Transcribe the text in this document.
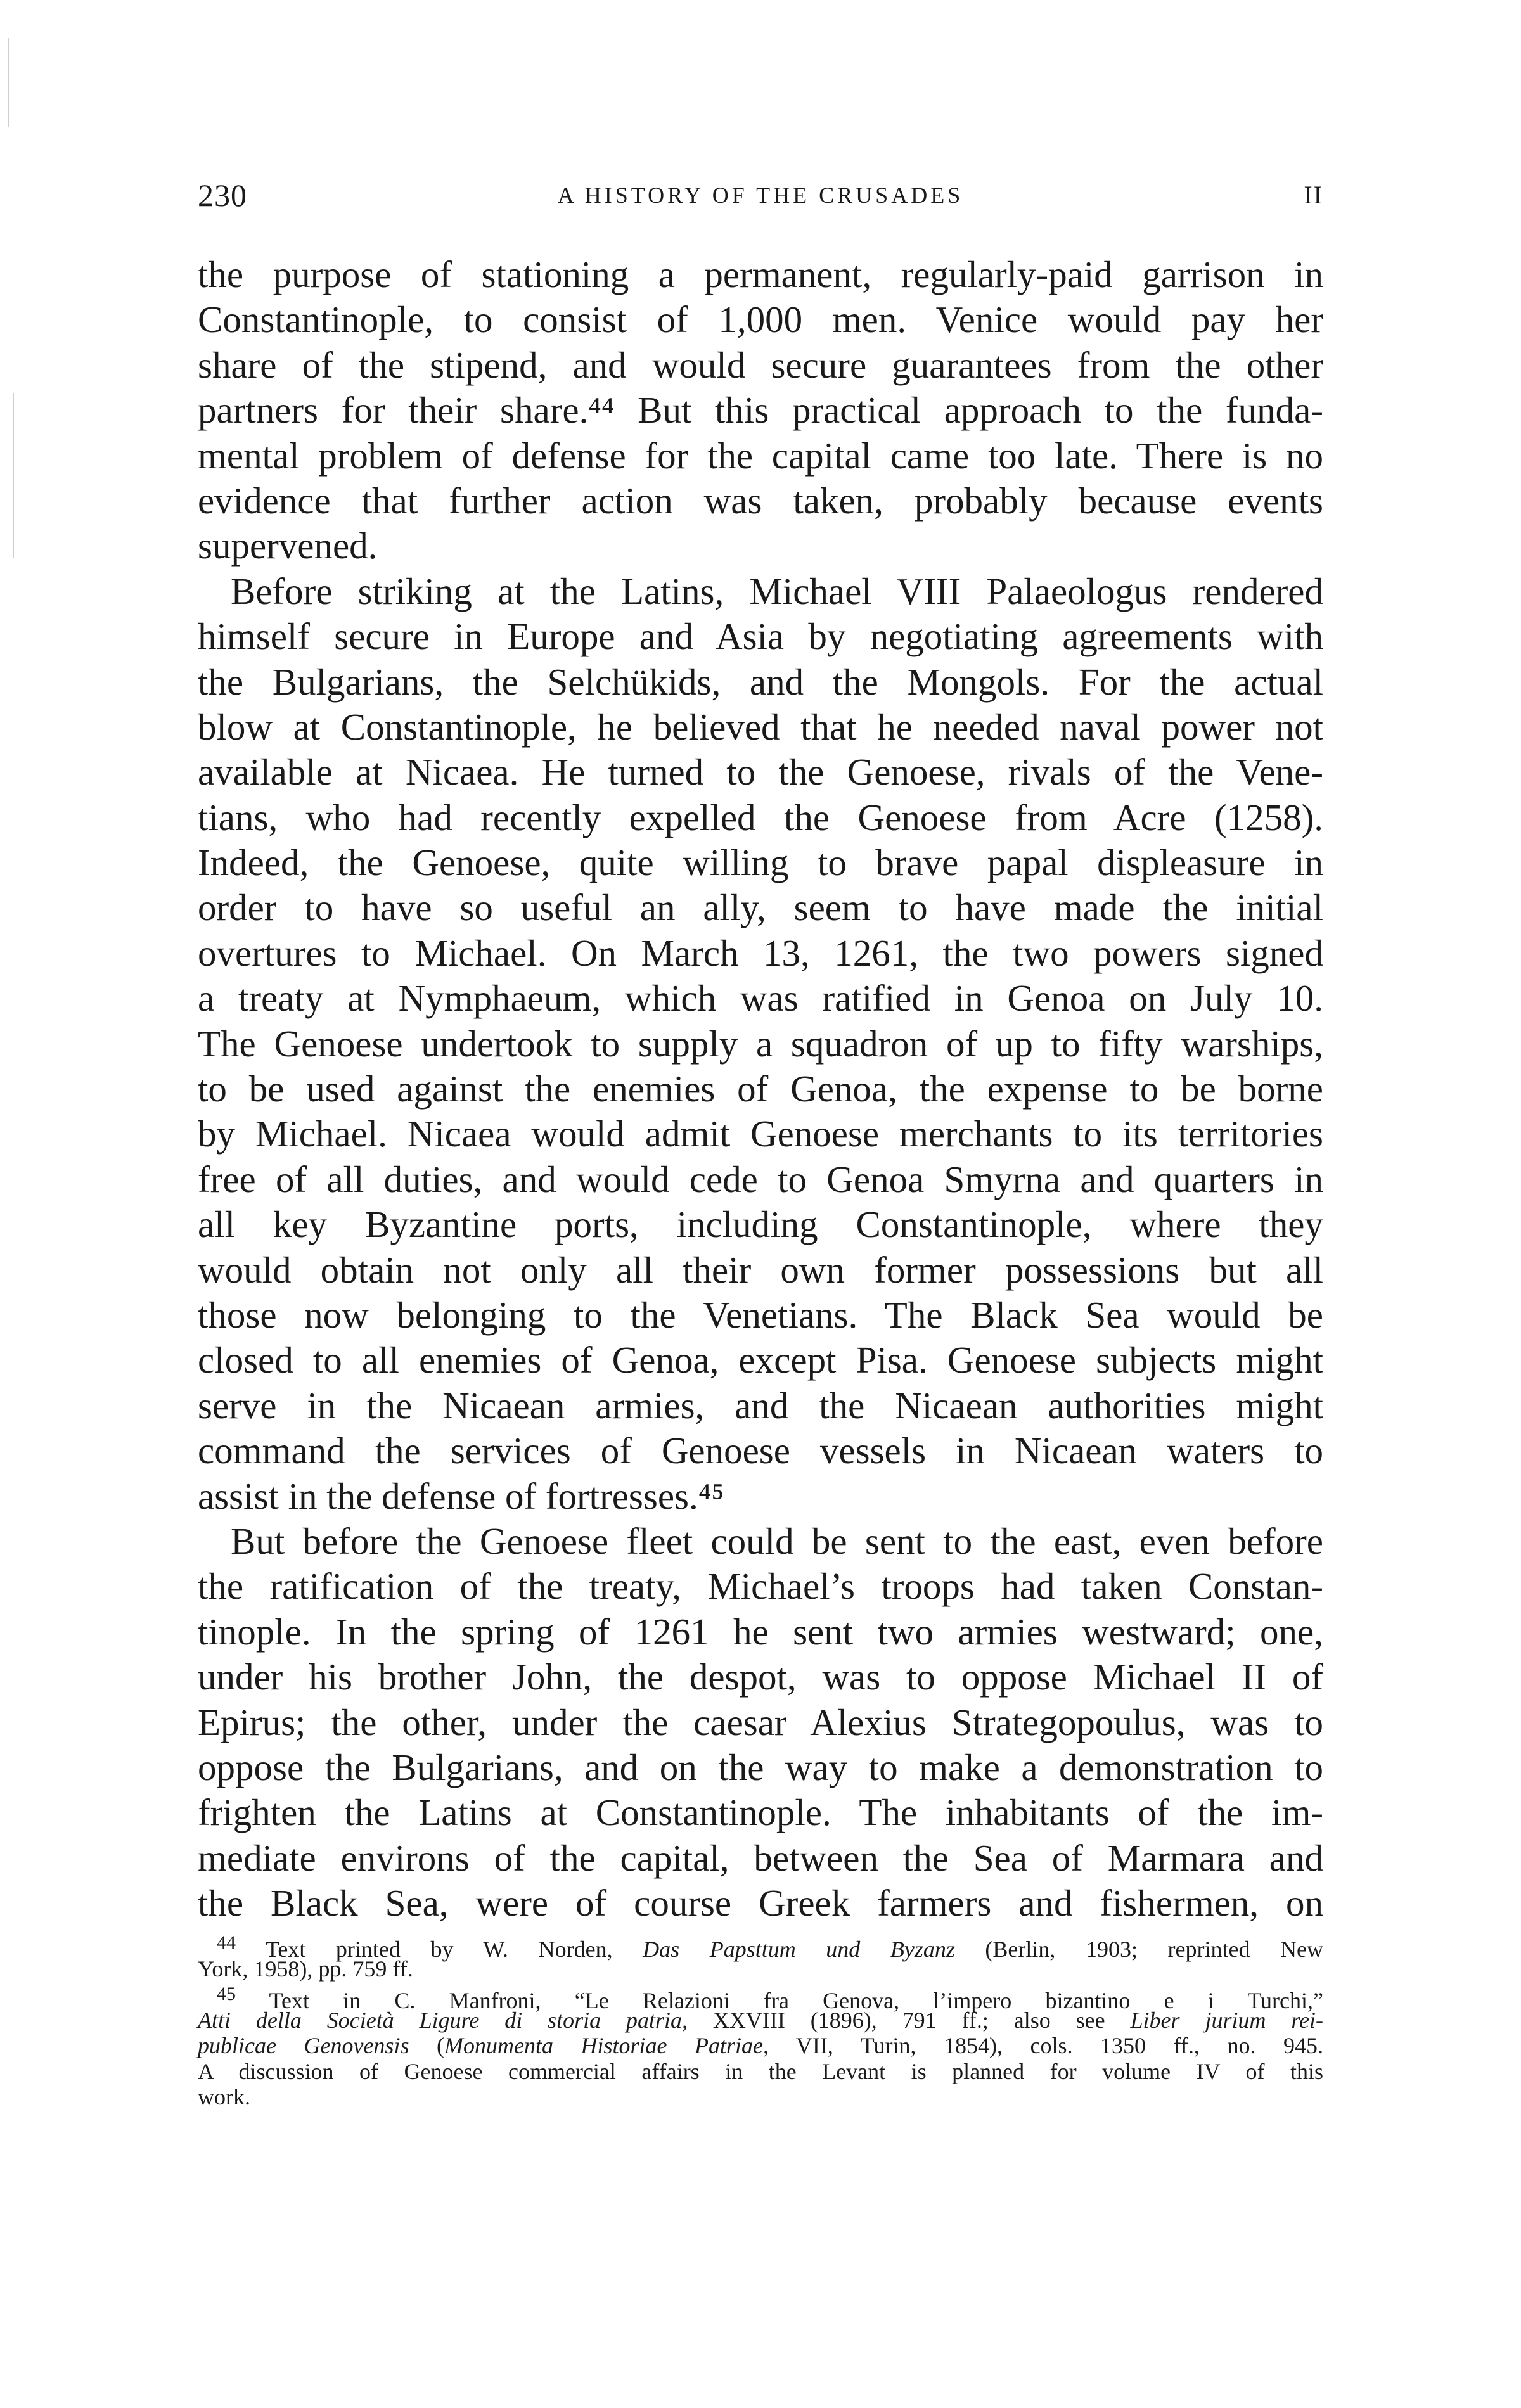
230	A HISTORY OF THE CRUSADES	II
the purpose of stationing a permanent, regularly-paid garrison in
Constantinople, to consist of 1,000 men. Venice would pay her
share of the stipend, and would secure guarantees from the other
partners for their share.⁴⁴ But this practical approach to the funda-
mental problem of defense for the capital came too late. There is no
evidence that further action was taken, probably because events
supervened.
Before striking at the Latins, Michael VIII Palaeologus rendered
himself secure in Europe and Asia by negotiating agreements with
the Bulgarians, the Selchükids, and the Mongols. For the actual
blow at Constantinople, he believed that he needed naval power not
available at Nicaea. He turned to the Genoese, rivals of the Vene-
tians, who had recently expelled the Genoese from Acre (1258).
Indeed, the Genoese, quite willing to brave papal displeasure in
order to have so useful an ally, seem to have made the initial
overtures to Michael. On March 13, 1261, the two powers signed
a treaty at Nymphaeum, which was ratified in Genoa on July 10.
The Genoese undertook to supply a squadron of up to fifty warships,
to be used against the enemies of Genoa, the expense to be borne
by Michael. Nicaea would admit Genoese merchants to its territories
free of all duties, and would cede to Genoa Smyrna and quarters in
all key Byzantine ports, including Constantinople, where they
would obtain not only all their own former possessions but all
those now belonging to the Venetians. The Black Sea would be
closed to all enemies of Genoa, except Pisa. Genoese subjects might
serve in the Nicaean armies, and the Nicaean authorities might
command the services of Genoese vessels in Nicaean waters to
assist in the defense of fortresses.⁴⁵
But before the Genoese fleet could be sent to the east, even before
the ratification of the treaty, Michael’s troops had taken Constan-
tinople. In the spring of 1261 he sent two armies westward; one,
under his brother John, the despot, was to oppose Michael II of
Epirus; the other, under the caesar Alexius Strategopoulus, was to
oppose the Bulgarians, and on the way to make a demonstration to
frighten the Latins at Constantinople. The inhabitants of the im-
mediate environs of the capital, between the Sea of Marmara and
the Black Sea, were of course Greek farmers and fishermen, on
$^{44}$ Text printed by W. Norden, Das Papsttum und Byzanz (Berlin, 1903; reprinted New
York, 1958), pp. 759 ff.
$^{45}$ Text in C. Manfroni, “Le Relazioni fra Genova, l’impero bizantino e i Turchi,”
Atti della Società Ligure di storia patria, XXVIII (1896), 791 ff.; also see Liber jurium rei-
publicae Genovensis (Monumenta Historiae Patriae, VII, Turin, 1854), cols. 1350 ff., no. 945.
A discussion of Genoese commercial affairs in the Levant is planned for volume IV of this
work.
